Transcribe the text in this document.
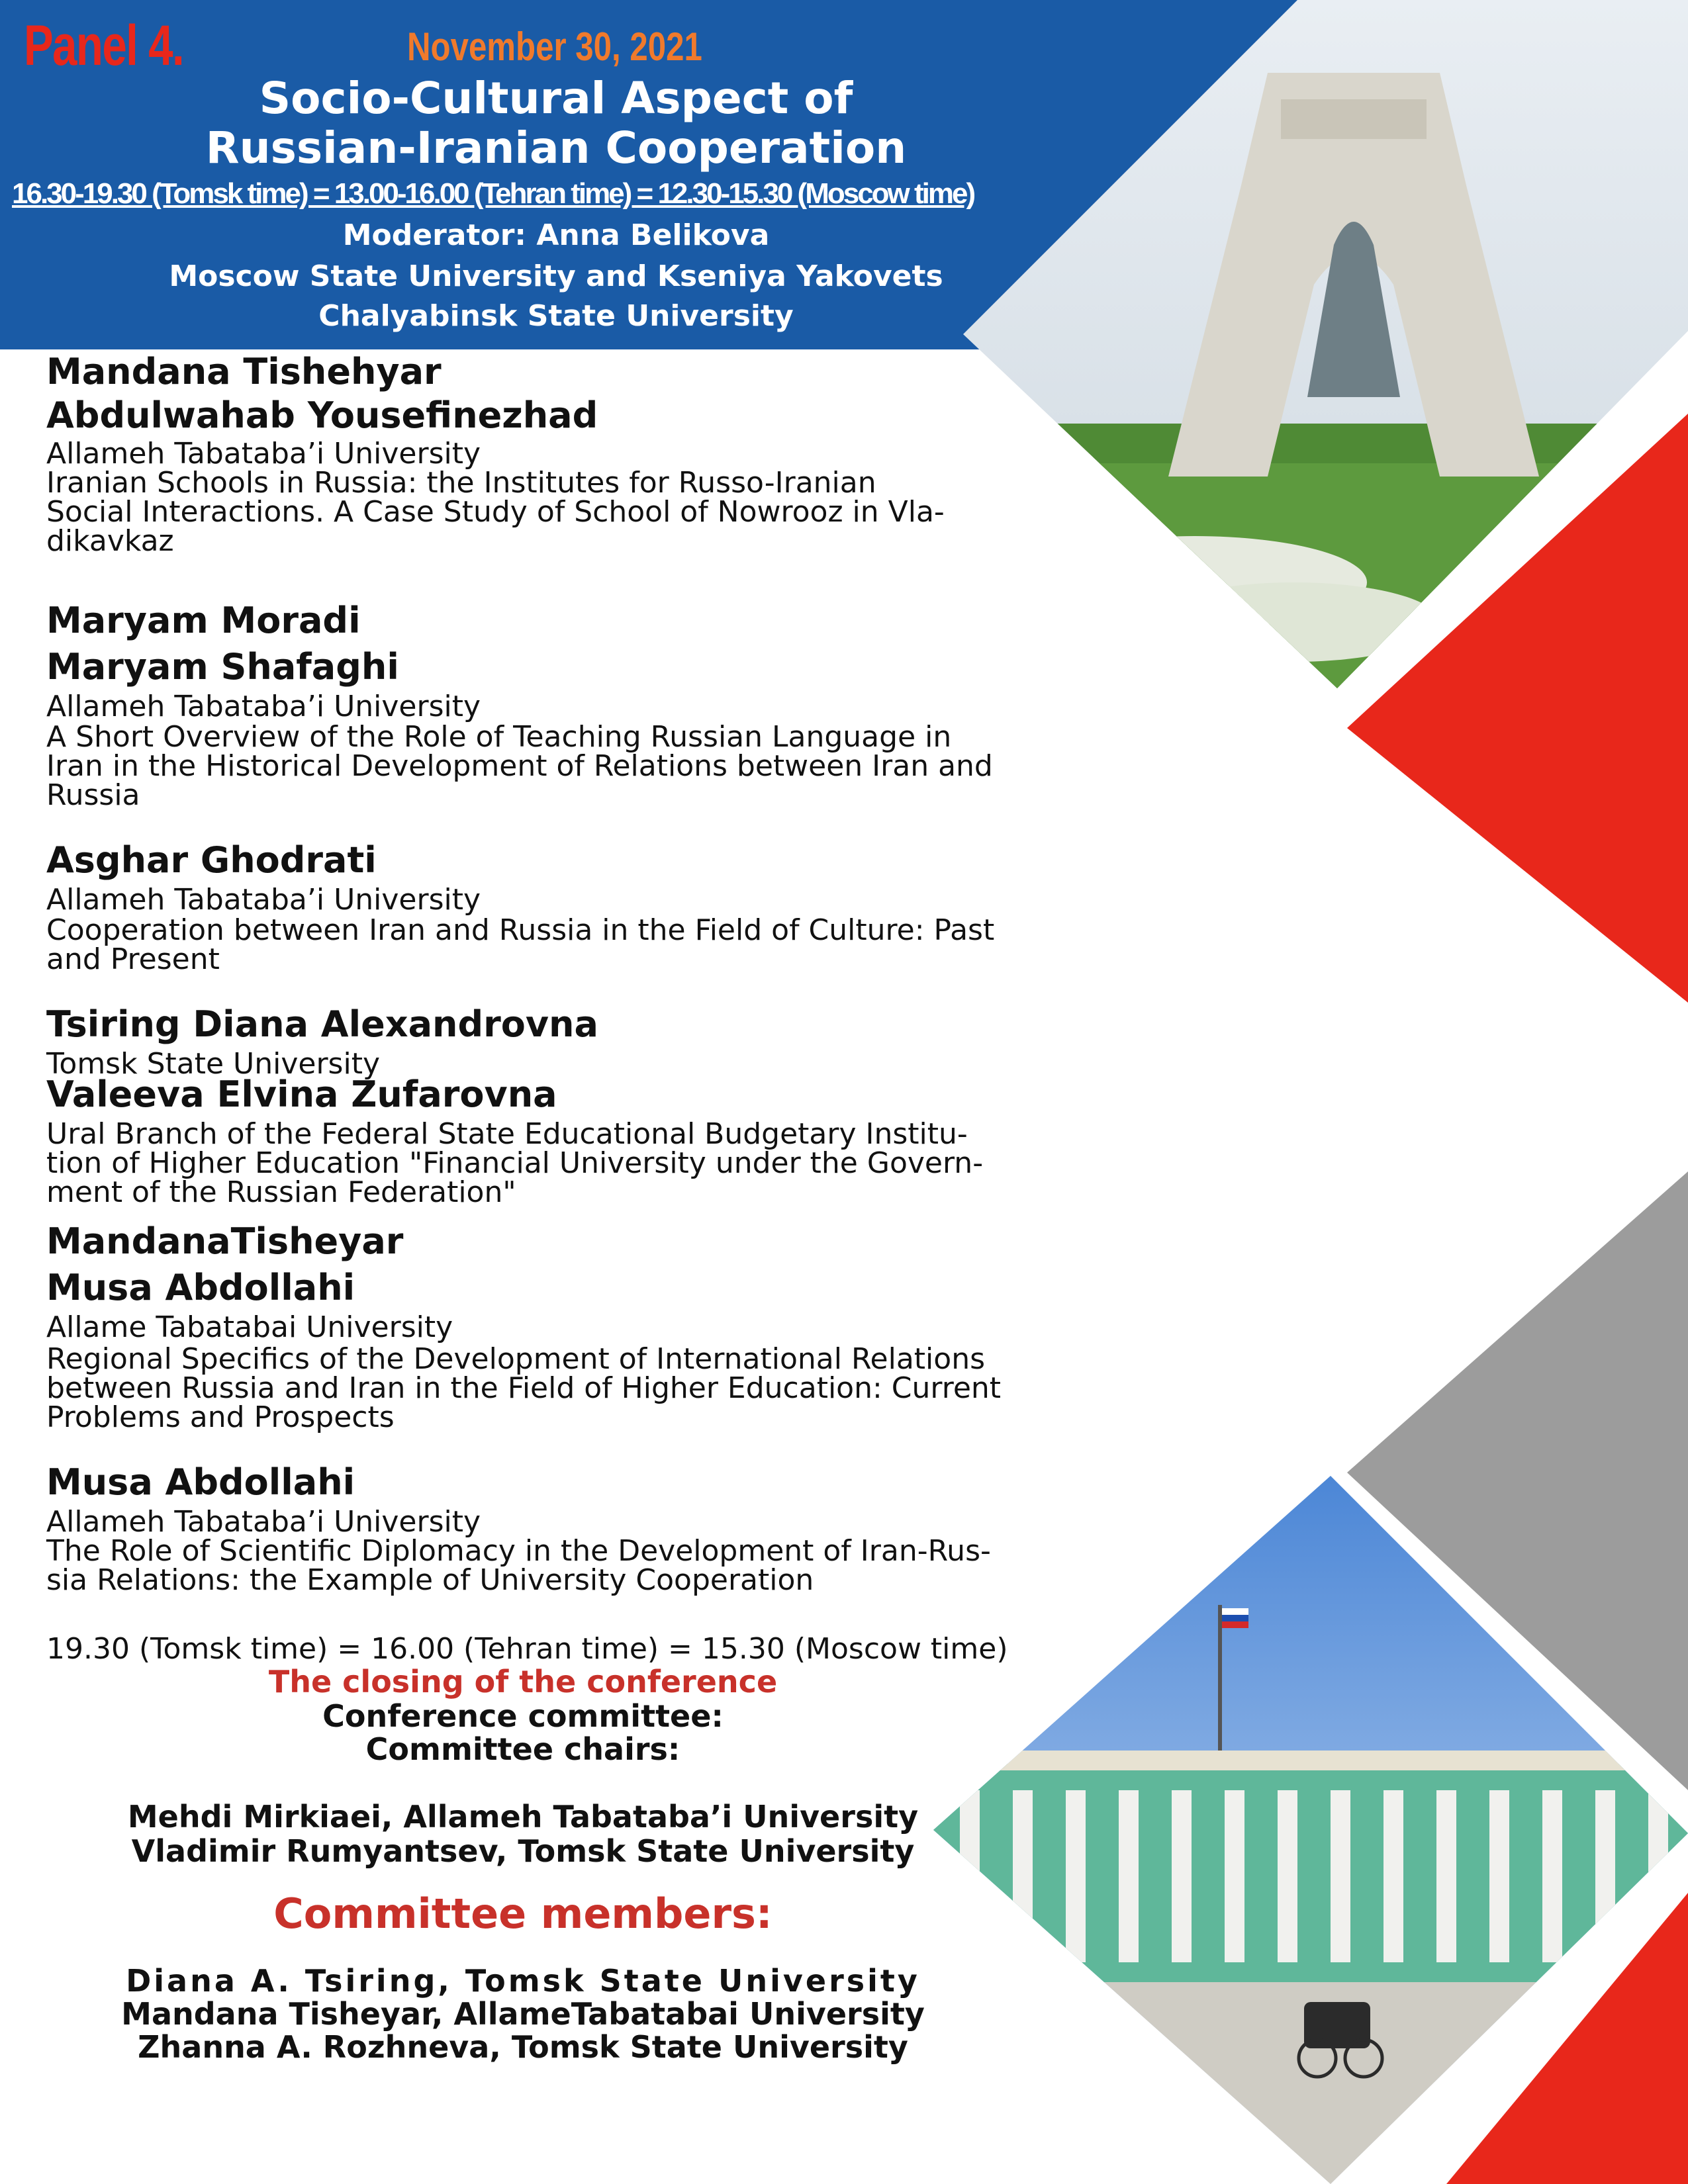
Panel 4.	November 30, 2021
Socio-Cultural Aspect of
Russian-Iranian Cooperation
16.30-19.30 (Tomsk time) = 13.00-16.00 (Tehran time) = 12.30-15.30 (Moscow time)
Moderator: Anna Belikova
Moscow State University and Kseniya Yakovets
Chalyabinsk State University
Mandana Tishehyar
Abdulwahab Yousefinezhad
Allameh Tabataba’i University
Iranian Schools in Russia: the Institutes for Russo-Iranian
Social Interactions. A Case Study of School of Nowrooz in Vla-
dikavkaz
Maryam Moradi
Maryam Shafaghi
Allameh Tabataba’i University
A Short Overview of the Role of Teaching Russian Language in
Iran in the Historical Development of Relations between Iran and
Russia
Asghar Ghodrati
Allameh Tabataba’i University
Cooperation between Iran and Russia in the Field of Culture: Past
and Present
Tsiring Diana Alexandrovna
Tomsk State University
Valeeva Elvina Zufarovna
Ural Branch of the Federal State Educational Budgetary Institu-
tion of Higher Education "Financial University under the Govern-
ment of the Russian Federation"
MandanaTisheyar
Musa Abdollahi
Allame Tabatabai University
Regional Specifics of the Development of International Relations
between Russia and Iran in the Field of Higher Education: Current
Problems and Prospects
Musa Abdollahi
Allameh Tabataba’i University
The Role of Scientific Diplomacy in the Development of Iran-Rus-
sia Relations: the Example of University Cooperation
19.30 (Tomsk time) = 16.00 (Tehran time) = 15.30 (Moscow time)
The closing of the conference
Conference committee:
Committee chairs:
Mehdi Mirkiaei, Allameh Tabataba’i University
Vladimir Rumyantsev, Tomsk State University
Committee members:
Diana A. Tsiring, Tomsk State University
Mandana Tisheyar, AllameTabatabai University
Zhanna A. Rozhneva, Tomsk State University
